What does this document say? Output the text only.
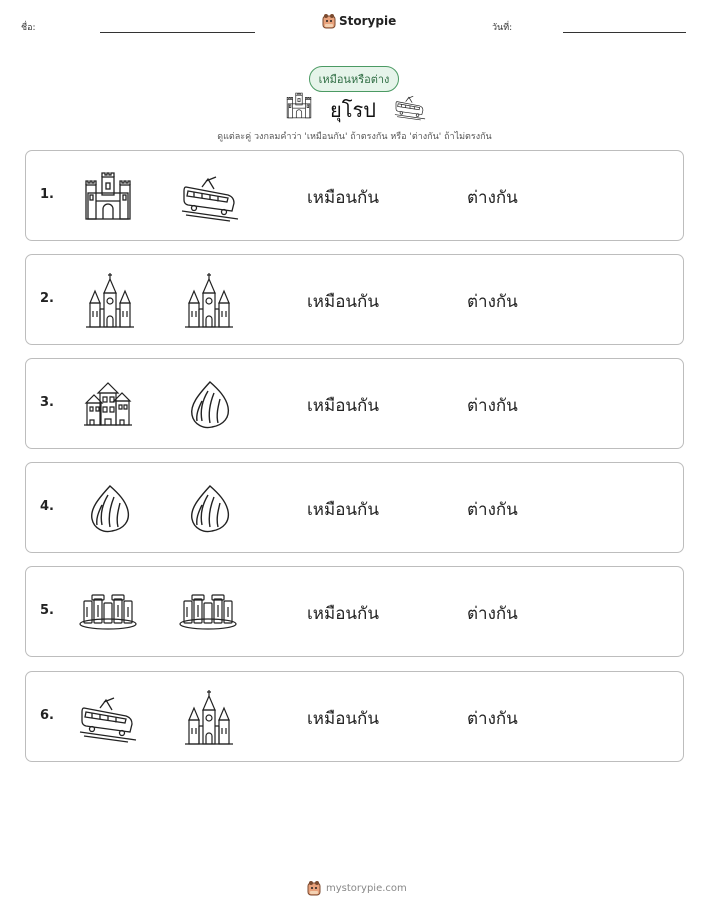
ชื่อ:	Storypie	วันที่:
เหมือนหรือต่าง
ยุโรป
ดูแต่ละคู่ วงกลมคำว่า 'เหมือนกัน' ถ้าตรงกัน หรือ 'ต่างกัน' ถ้าไม่ตรงกัน
1.	เหมือนกัน	ต่างกัน
2.	เหมือนกัน	ต่างกัน
3.	เหมือนกัน	ต่างกัน
4.	เหมือนกัน	ต่างกัน
5.	เหมือนกัน	ต่างกัน
6.	เหมือนกัน	ต่างกัน
mystorypie.com
